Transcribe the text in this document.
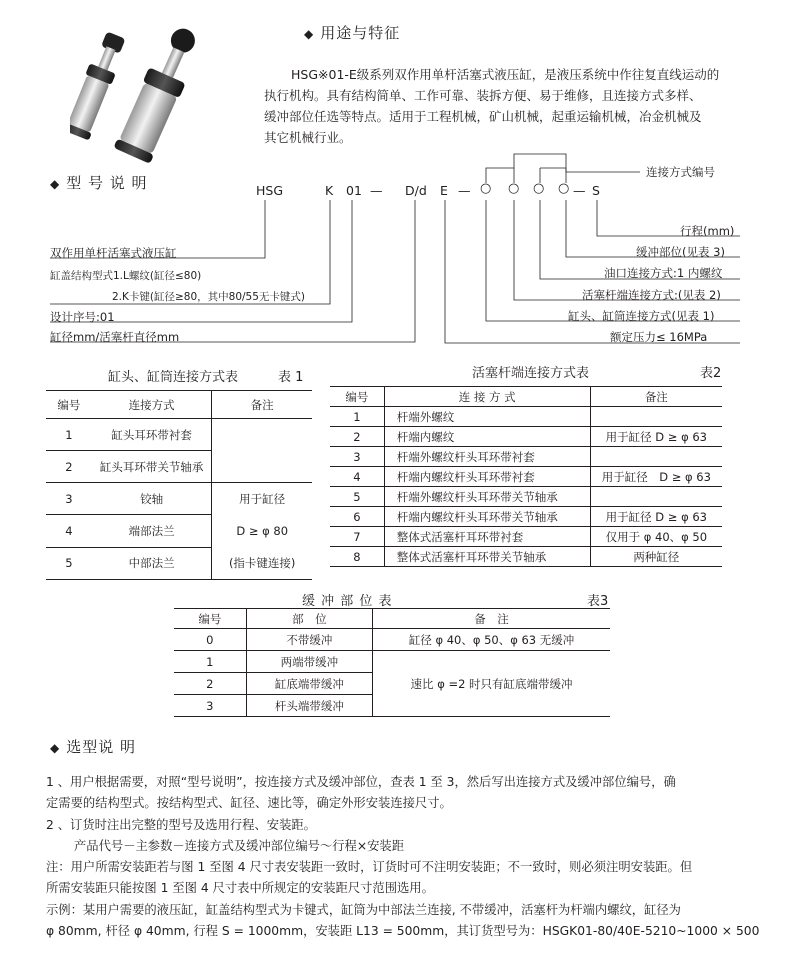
◆ 用途与特征
HSG※01-E级系列双作用单杆活塞式液压缸，是液压系统中作往复直线运动的
执行机构。具有结构简单、工作可靠、装拆方便、易于维修，且连接方式多样、
缓冲部位任选等特点。适用于工程机械，矿山机械，起重运输机械，冶金机械及
其它机械行业。
◆ 型 号 说 明	HSG	K 01 — D/d E — ○ ○ ○ ○ — S
连接方式编号
行程(mm)
缓冲部位(见表 3)
油口连接方式:1 内螺纹
活塞杆端连接方式:(见表 2)
缸头、缸筒连接方式(见表 1)
额定压力≤ 16MPa
双作用单杆活塞式液压缸
缸盖结构型式1.L螺纹(缸径≤80)
2.K卡键(缸径≥80，其中80/55无卡键式)
设计序号:01
缸径mm/活塞杆直径mm
缸头、缸筒连接方式表	表 1
编号	连接方式	备注
1	缸头耳环带衬套	
2	缸头耳环带关节轴承	
3	铰轴	用于缸径
D ≥ φ 80
(指卡键连接)

4	端部法兰	
5	中部法兰	
活塞杆端连接方式表	表2
编号	连 接 方 式	备注
1	杆端外螺纹	
2	杆端内螺纹	用于缸径 D ≥ φ 63
3	杆端外螺纹杆头耳环带衬套	
4	杆端内螺纹杆头耳环带衬套	用于缸径　D ≥ φ 63
5	杆端外螺纹杆头耳环带关节轴承	
6	杆端内螺纹杆头耳环带关节轴承	用于缸径 D ≥ φ 63
7	整体式活塞杆耳环带衬套	仅用于 φ 40、φ 50
8	整体式活塞杆耳环带关节轴承	两种缸径
缓 冲 部 位 表	表3
编号	部　位	备　注
0	不带缓冲	缸径 φ 40、φ 50、φ 63 无缓冲
1	两端带缓冲	速比 φ =2 时只有缸底端带缓冲
2	缸底端带缓冲	
3	杆头端带缓冲	
◆ 选型说 明
1 、用户根据需要，对照“型号说明”，按连接方式及缓冲部位，查表 1 至 3，然后写出连接方式及缓冲部位编号，确
定需要的结构型式。按结构型式、缸径、速比等，确定外形安装连接尺寸。
2 、订货时注出完整的型号及选用行程、安装距。
产品代号－主参数－连接方式及缓冲部位编号～行程×安装距
注：用户所需安装距若与图 1 至图 4 尺寸表安装距一致时，订货时可不注明安装距；不一致时，则必须注明安装距。但
所需安装距只能按图 1 至图 4 尺寸表中所规定的安装距尺寸范围选用。
示例：某用户需要的液压缸，缸盖结构型式为卡键式，缸筒为中部法兰连接, 不带缓冲，活塞杆为杆端内螺纹，缸径为
φ 80mm, 杆径 φ 40mm, 行程 S = 1000mm，安装距 L13 = 500mm，其订货型号为：HSGK01-80/40E-5210~1000 × 500
